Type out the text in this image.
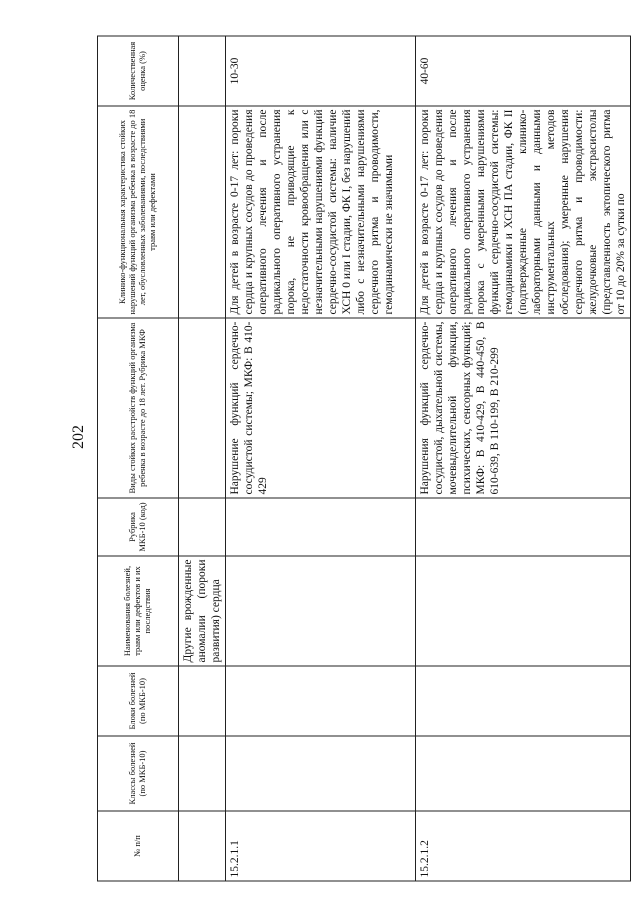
202
№ п/п	Классы болезней (по МКБ-10)	Блоки болезней (по МКБ-10)	Наименования болезней, травм или дефектов и их последствия	Рубрика МКБ-10 (код)	Виды стойких расстройств функций организма ребенка в возрасте до 18 лет. Рубрика МКФ	Клинико-функциональная характеристика стойких нарушений функций организма ребенка в возрасте до 18 лет, обусловленных заболеваниями, последствиями травм или дефектами	Количественная оценка (%)
			Другие врожденные аномалии (пороки развития) сердца				
15.2.1.1					Нарушение функций сердечно-сосудистой системы; МКФ: В 410-429	Для детей в возрасте 0-17 лет: пороки сердца и крупных сосудов до проведения оперативного лечения и после радикального оперативного устранения порока, не приводящие к недостаточности кровообращения или с незначительными нарушениями функций сердечно-сосудистой системы: наличие ХСН 0 или I стадии, ФК I, без нарушений либо с незначительными нарушениями сердечного ритма и проводимости, гемодинамически не значимыми	10-30
15.2.1.2					Нарушения функций сердечно-сосудистой, дыхательной системы, мочевыделительной функции, психических, сенсорных функций; МКФ: В 410-429, В 440-450, В 610-639, В 110-199, В 210-299	Для детей в возрасте 0-17 лет: пороки сердца и крупных сосудов до проведения оперативного лечения и после радикального оперативного устранения порока с умеренными нарушениями функций сердечно-сосудистой системы: гемодинамики и ХСН ПА стадии, ФК II (подтвержденные клинико-лабораторными данными и данными инструментальных методов обследования); умеренные нарушения сердечного ритма и проводимости: желудочковые экстрасистолы (представленность эктопического ритма от 10 до 20% за сутки по	40-60
